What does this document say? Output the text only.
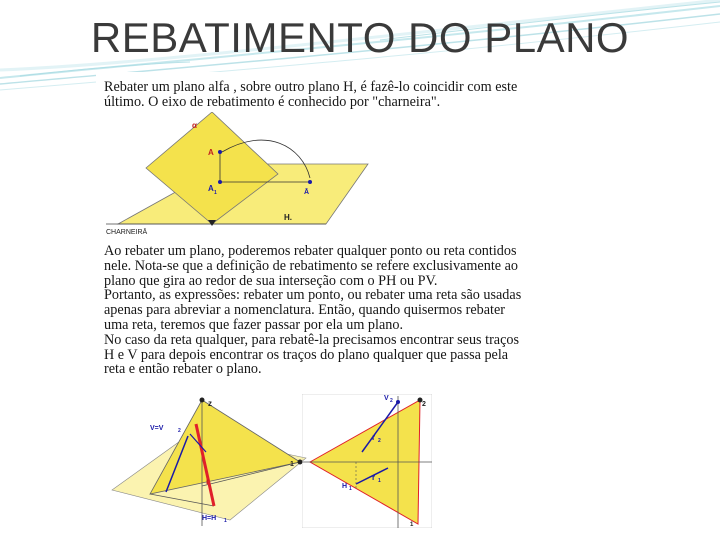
REBATIMENTO DO PLANO

Rebater um plano alfa , sobre outro plano H, é fazê-lo coincidir com este
último. O eixo de rebatimento é conhecido por "charneira".

α
A
A 1	Ā
H.
CHARNEIRĀ

Ao rebater um plano, poderemos rebater qualquer ponto ou reta contidos
nele. Nota-se que a definição de rebatimento se refere exclusivamente ao
plano que gira ao redor de sua interseção com o PH ou PV.
Portanto, as expressões: rebater um ponto, ou rebater uma reta são usadas
apenas para abreviar a nomenclatura. Então, quando quisermos rebater
uma reta, teremos que fazer passar por ela um plano.
No caso da reta qualquer, para rebatê-la precisamos encontrar seus traços
H e V para depois encontrar os traços do plano qualquer que passa pela
reta e então rebater o plano.

z
V=V	2
r
1
H=H 1
V 2	2
r 2
r 1
H 1
1
